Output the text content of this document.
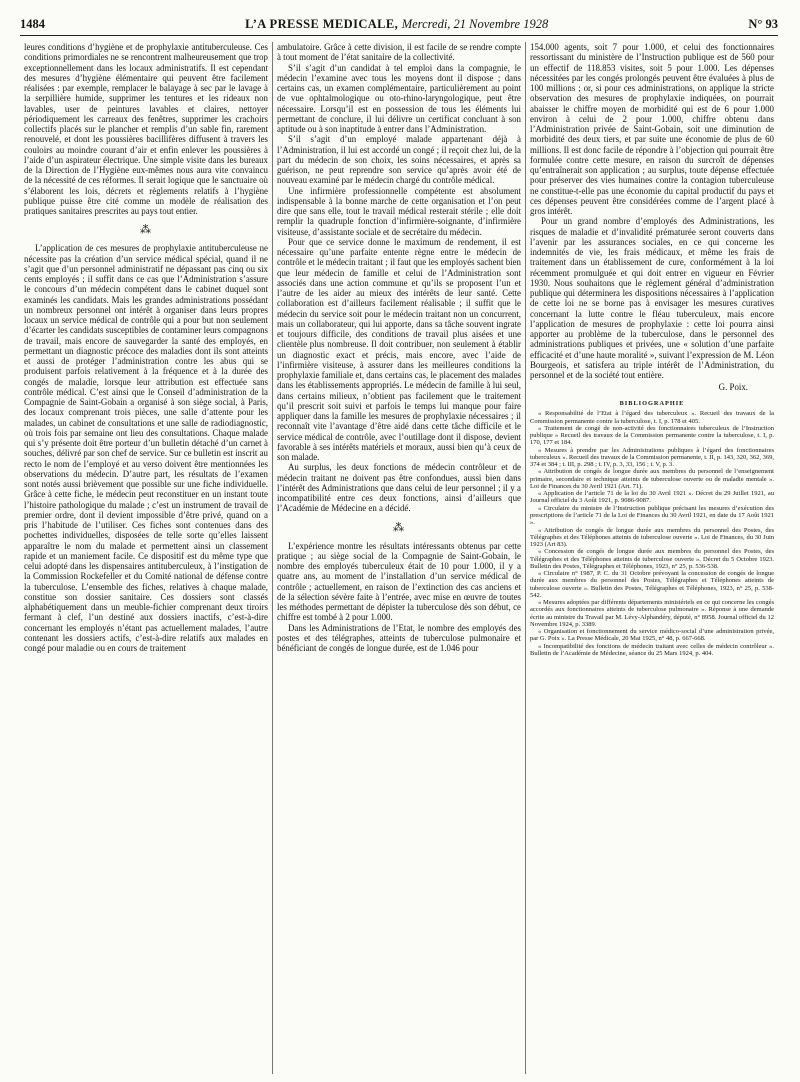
1484	L’A PRESSE MEDICALE, Mercredi, 21 Novembre 1928	N° 93

leures conditions d’hygiène et de prophylaxie antituberculeuse. Ces conditions primordiales ne se rencontrent malheureusement que trop exceptionnellement dans les locaux administratifs. Il est cependant des mesures d’hygiène élémentaire qui peuvent être facilement réalisées : par exemple, remplacer le balayage à sec par le lavage à la serpillière humide, supprimer les tentures et les rideaux non lavables, user de peintures lavables et claires, nettoyer périodiquement les carreaux des fenêtres, supprimer les crachoirs collectifs placés sur le plancher et remplis d’un sable fin, rarement renouvelé, et dont les poussières bacillifères diffusent à travers les couloirs au moindre courant d’air et enfin enlever les poussières à l’aide d’un aspirateur électrique. Une simple visite dans les bureaux de la Direction de l’Hygiène eux-mêmes nous aura vite convaincu de la nécessité de ces réformes. Il serait logique que le sanctuaire où s’élaborent les lois, décrets et règlements relatifs à l’hygiène publique puisse être cité comme un modèle de réalisation des pratiques sanitaires prescrites au pays tout entier.

⁂

L’application de ces mesures de prophylaxie antituberculeuse ne nécessite pas la création d’un service médical spécial, quand il ne s’agit que d’un personnel administratif ne dépassant pas cinq ou six cents employés ; il suffit dans ce cas que l’Administration s’assure le concours d’un médecin compétent dans le cabinet duquel sont examinés les candidats. Mais les grandes administrations possédant un nombreux personnel ont intérêt à organiser dans leurs propres locaux un service médical de contrôle qui a pour but non seulement d’écarter les candidats susceptibles de contaminer leurs compagnons de travail, mais encore de sauvegarder la santé des employés, en permettant un diagnostic précoce des maladies dont ils sont atteints et aussi de protéger l’administration contre les abus qui se produisent parfois relativement à la fréquence et à la durée des congés de maladie, lorsque leur attribution est effectuée sans contrôle médical. C’est ainsi que le Conseil d’administration de la Compagnie de Saint-Gobain a organisé à son siège social, à Paris, des locaux comprenant trois pièces, une salle d’attente pour les malades, un cabinet de consultations et une salle de radiodiagnostic, où trois fois par semaine ont lieu des consultations. Chaque malade qui s’y présente doit être porteur d’un bulletin détaché d’un carnet à souches, délivré par son chef de service. Sur ce bulletin est inscrit au recto le nom de l’employé et au verso doivent être mentionnées les observations du médecin. D’autre part, les résultats de l’examen sont notés aussi brièvement que possible sur une fiche individuelle. Grâce à cette fiche, le médecin peut reconstituer en un instant toute l’histoire pathologique du malade ; c’est un instrument de travail de premier ordre, dont il devient impossible d’être privé, quand on a pris l’habitude de l’utiliser. Ces fiches sont contenues dans des pochettes individuelles, disposées de telle sorte qu’elles laissent apparaître le nom du malade et permettent ainsi un classement rapide et un maniement facile. Ce dispositif est du même type que celui adopté dans les dispensaires antituberculeux, à l’instigation de la Commission Rockefeller et du Comité national de défense contre la tuberculose. L’ensemble des fiches, relatives à chaque malade, constitue son dossier sanitaire. Ces dossiers sont classés alphabétiquement dans un meuble-fichier comprenant deux tiroirs fermant à clef, l’un destiné aux dossiers inactifs, c’est-à-dire concernant les employés n’étant pas actuellement malades, l’autre contenant les dossiers actifs, c’est-à-dire relatifs aux malades en congé pour maladie ou en cours de traitement

ambulatoire. Grâce à cette division, il est facile de se rendre compte à tout moment de l’état sanitaire de la collectivité.

S’il s’agit d’un candidat à tel emploi dans la compagnie, le médecin l’examine avec tous les moyens dont il dispose ; dans certains cas, un examen complémentaire, particulièrement au point de vue ophtalmologique ou oto-rhino-laryngologique, peut être nécessaire. Lorsqu’il est en possession de tous les éléments lui permettant de conclure, il lui délivre un certificat concluant à son aptitude ou à son inaptitude à entrer dans l’Administration.

S’il s’agit d’un employé malade appartenant déjà à l’Administration, il lui est accordé un congé ; il reçoit chez lui, de la part du médecin de son choix, les soins nécessaires, et après sa guérison, ne peut reprendre son service qu’après avoir été de nouveau examiné par le médecin chargé du contrôle médical.

Une infirmière professionnelle compétente est absolument indispensable à la bonne marche de cette organisation et l’on peut dire que sans elle, tout le travail médical resterait stérile ; elle doit remplir la quadruple fonction d’infirmière-soignante, d’infirmière visiteuse, d’assistante sociale et de secrétaire du médecin.

Pour que ce service donne le maximum de rendement, il est nécessaire qu’une parfaite entente règne entre le médecin de contrôle et le médecin traitant ; il faut que les employés sachent bien que leur médecin de famille et celui de l’Administration sont associés dans une action commune et qu’ils se proposent l’un et l’autre de les aider au mieux des intérêts de leur santé. Cette collaboration est d’ailleurs facilement réalisable ; il suffit que le médecin du service soit pour le médecin traitant non un concurrent, mais un collaborateur, qui lui apporte, dans sa tâche souvent ingrate et toujours difficile, des conditions de travail plus aisées et une clientèle plus nombreuse. Il doit contribuer, non seulement à établir un diagnostic exact et précis, mais encore, avec l’aide de l’infirmière visiteuse, à assurer dans les meilleures conditions la prophylaxie familiale et, dans certains cas, le placement des malades dans les établissements appropriés. Le médecin de famille à lui seul, dans certains milieux, n’obtient pas facilement que le traitement qu’il prescrit soit suivi et parfois le temps lui manque pour faire appliquer dans la famille les mesures de prophylaxie nécessaires ; il reconnaît vite l’avantage d’être aidé dans cette tâche difficile et le service médical de contrôle, avec l’outillage dont il dispose, devient favorable à ses intérêts matériels et moraux, aussi bien qu’à ceux de son malade.

Au surplus, les deux fonctions de médecin contrôleur et de médecin traitant ne doivent pas être confondues, aussi bien dans l’intérêt des Administrations que dans celui de leur personnel ; il y a incompatibilité entre ces deux fonctions, ainsi d’ailleurs que l’Académie de Médecine en a décidé.

⁂

L’expérience montre les résultats intéressants obtenus par cette pratique ; au siège social de la Compagnie de Saint-Gobain, le nombre des employés tuberculeux était de 10 pour 1.000, il y a quatre ans, au moment de l’installation d’un service médical de contrôle ; actuellement, en raison de l’extinction des cas anciens et de la sélection sévère faite à l’entrée, avec mise en œuvre de toutes les méthodes permettant de dépister la tuberculose dès son début, ce chiffre est tombé à 2 pour 1.000.

Dans les Administrations de l’Etat, le nombre des employés des postes et des télégraphes, atteints de tuberculose pulmonaire et bénéficiant de congés de longue durée, est de 1.046 pour

154.000 agents, soit 7 pour 1.000, et celui des fonctionnaires ressortissant du ministère de l’Instruction publique est de 560 pour un effectif de 118.853 visites, soit 5 pour 1.000. Les dépenses nécessitées par les congés prolongés peuvent être évaluées à plus de 100 millions ; or, si pour ces administrations, on applique la stricte observation des mesures de prophylaxie indiquées, on pourrait abaisser le chiffre moyen de morbidité qui est de 6 pour 1.000 environ à celui de 2 pour 1.000, chiffre obtenu dans l’Administration privée de Saint-Gobain, soit une diminution de morbidité des deux tiers, et par suite une économie de plus de 60 millions. Il est donc facile de répondre à l’objection qui pourrait être formulée contre cette mesure, en raison du surcroît de dépenses qu’entraînerait son application ; au surplus, toute dépense effectuée pour préserver des vies humaines contre la contagion tuberculeuse ne constitue-t-elle pas une économie du capital productif du pays et ces dépenses peuvent être considérées comme de l’argent placé à gros intérêt.

Pour un grand nombre d’employés des Administrations, les risques de maladie et d’invalidité prématurée seront couverts dans l’avenir par les assurances sociales, en ce qui concerne les indemnités de vie, les frais médicaux, et même les frais de traitement dans un établissement de cure, conformément à la loi récemment promulguée et qui doit entrer en vigueur en Février 1930. Nous souhaitons que le règlement général d’administration publique qui déterminera les dispositions nécessaires à l’application de cette loi ne se borne pas à envisager les mesures curatives concernant la lutte contre le fléau tuberculeux, mais encore l’application de mesures de prophylaxie : cette loi pourra ainsi apporter au problème de la tuberculose, dans le personnel des administrations publiques et privées, une « solution d’une parfaite efficacité et d’une haute moralité », suivant l’expression de M. Léon Bourgeois, et satisfera au triple intérêt de l’Administration, du personnel et de la société tout entière.

G. Poix.
BIBLIOGRAPHIE

« Responsabilité de l’Etat à l’égard des tuberculeux ». Recueil des travaux de la Commission permanente contre la tuberculose, t. I, p. 178 et 405.

« Traitement de congé de non-activité des fonctionnaires tuberculeux de l’Instruction publique » Recueil des travaux de la Commission permanente contre la tuberculose, t. I, p. 170, 177 et 184.

« Mesures à prendre par les Administrations publiques à l’égard des fonctionnaires tuberculeux ». Recueil des travaux de la Commission permanente, t. II, p. 143, 320, 362, 369, 374 et 384 ; t. III, p. 298 ; t. IV, p. 3, 33, 156 ; t. V, p. 3.

« Attribution de congés de longue durée aux membres du personnel de l’enseignement primaire, secondaire et technique atteints de tuberculose ouverte ou de maladie mentale ». Loi de Finances du 30 Avril 1921 (Art. 71).

« Application de l’article 71 de la loi du 30 Avril 1921 ». Décret du 29 Juillet 1921, au Journal officiel du 3 Août 1921, p. 9086-9087.

« Circulaire du ministre de l’Instruction publique précisant les mesures d’exécution des prescriptions de l’article 71 de la Loi de Finances du 30 Avril 1921, en date du 17 Août 1921 ».

« Attribution de congés de longue durée aux membres du personnel des Postes, des Télégraphes et des Téléphones atteints de tuberculose ouverte ». Loi de Finances, du 30 Juin 1923 (Art 83).

« Concession de congés de longue durée aux membres du personnel des Postes, des Télégraphes et des Téléphones atteints de tuberculose ouverte ». Décret du 5 Octobre 1923. Bulletin des Postes, Télégraphes et Téléphones, 1923, n° 25, p. 536-538.

« Circulaire n° 1987, P. C. du 31 Octobre prévoyant la concession de congés de longue durée aux membres du personnel des Postes, Télégraphes et Téléphones atteints de tuberculose ouverte ». Bulletin des Postes, Télégraphes et Téléphones, 1923, n° 25, p. 538-542.

« Mesures adoptées par différents départements ministériels en ce qui concerne les congés accordés aux fonctionnaires atteints de tuberculose pulmonaire ». Réponse à une demande écrite au ministre du Travail par M. Lévy-Alphandéry, député, n° 8958. Journal officiel du 12 Novembre 1924, p. 3389.

« Organisation et fonctionnement du service médico-social d’une administration privée, par G. Poix ». La Presse Médicale, 20 Mai 1925, n° 48, p. 667-668.

« Incompatibilité des fonctions de médecin traitant avec celles de médecin contrôleur ». Bulletin de l’Académie de Médecine, séance du 25 Mars 1924, p. 404.
